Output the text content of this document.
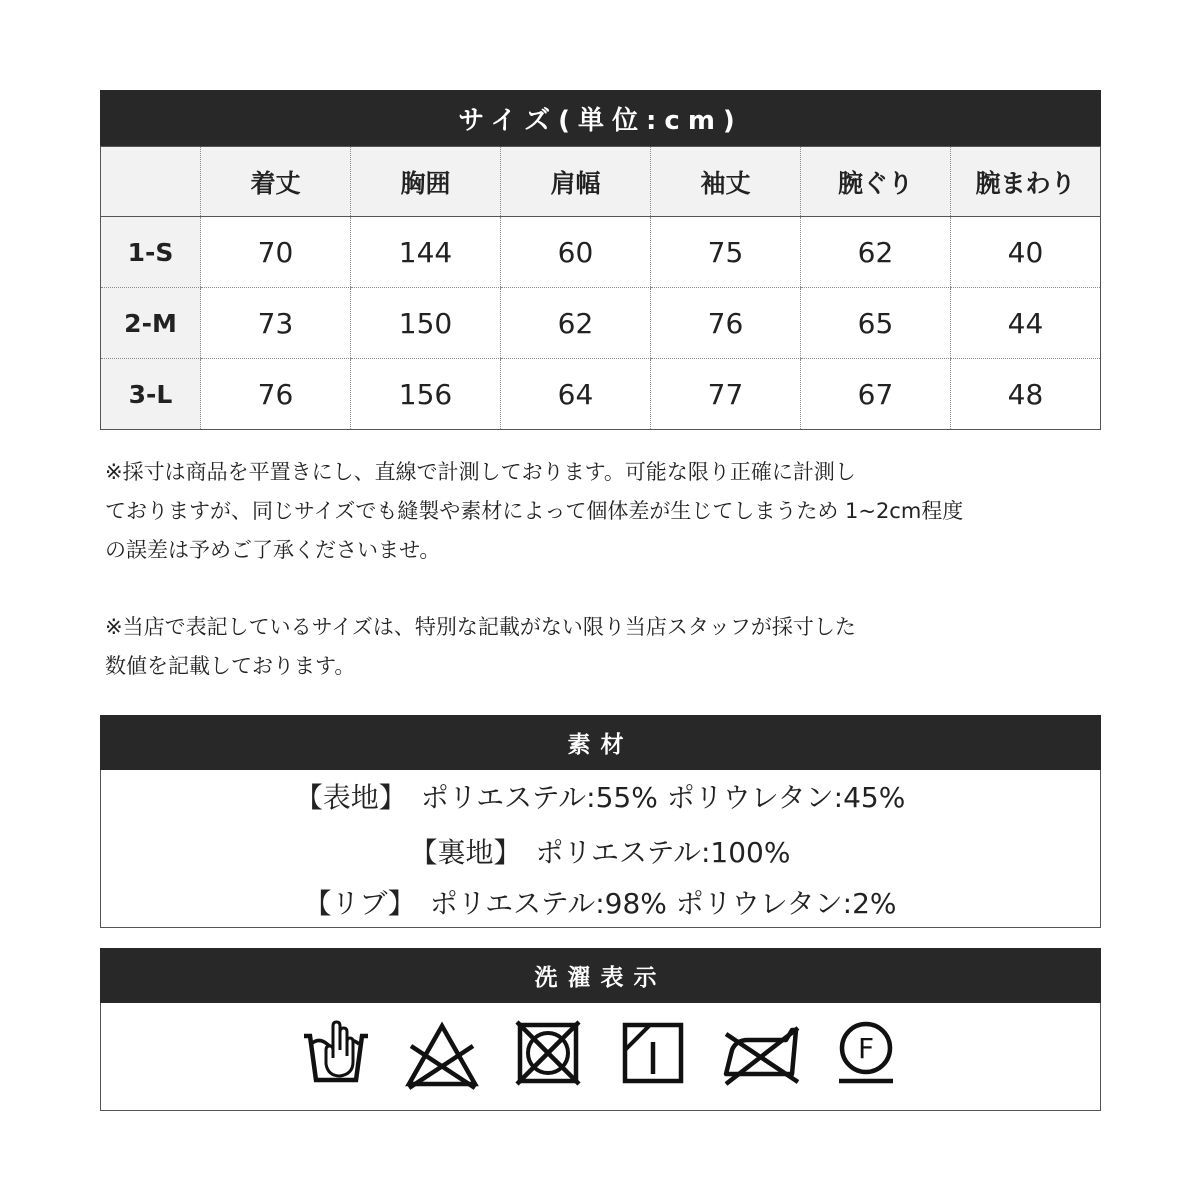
サイズ(単位:cm)
	着丈	胸囲	肩幅	袖丈	腕ぐり	腕まわり
1-S	70	144	60	75	62	40
2-M	73	150	62	76	65	44
3-L	76	156	64	77	67	48

※採寸は商品を平置きにし、直線で計測しております。可能な限り正確に計測し

ておりますが、同じサイズでも縫製や素材によって個体差が生じてしまうため 1~2cm程度

の誤差は予めご了承くださいませ。

※当店で表記しているサイズは、特別な記載がない限り当店スタッフが採寸した

数値を記載しております。

素材
【表地】 ポリエステル:55% ポリウレタン:45%
【裏地】 ポリエステル:100%
【リブ】 ポリエステル:98% ポリウレタン:2%
洗濯表示
F
